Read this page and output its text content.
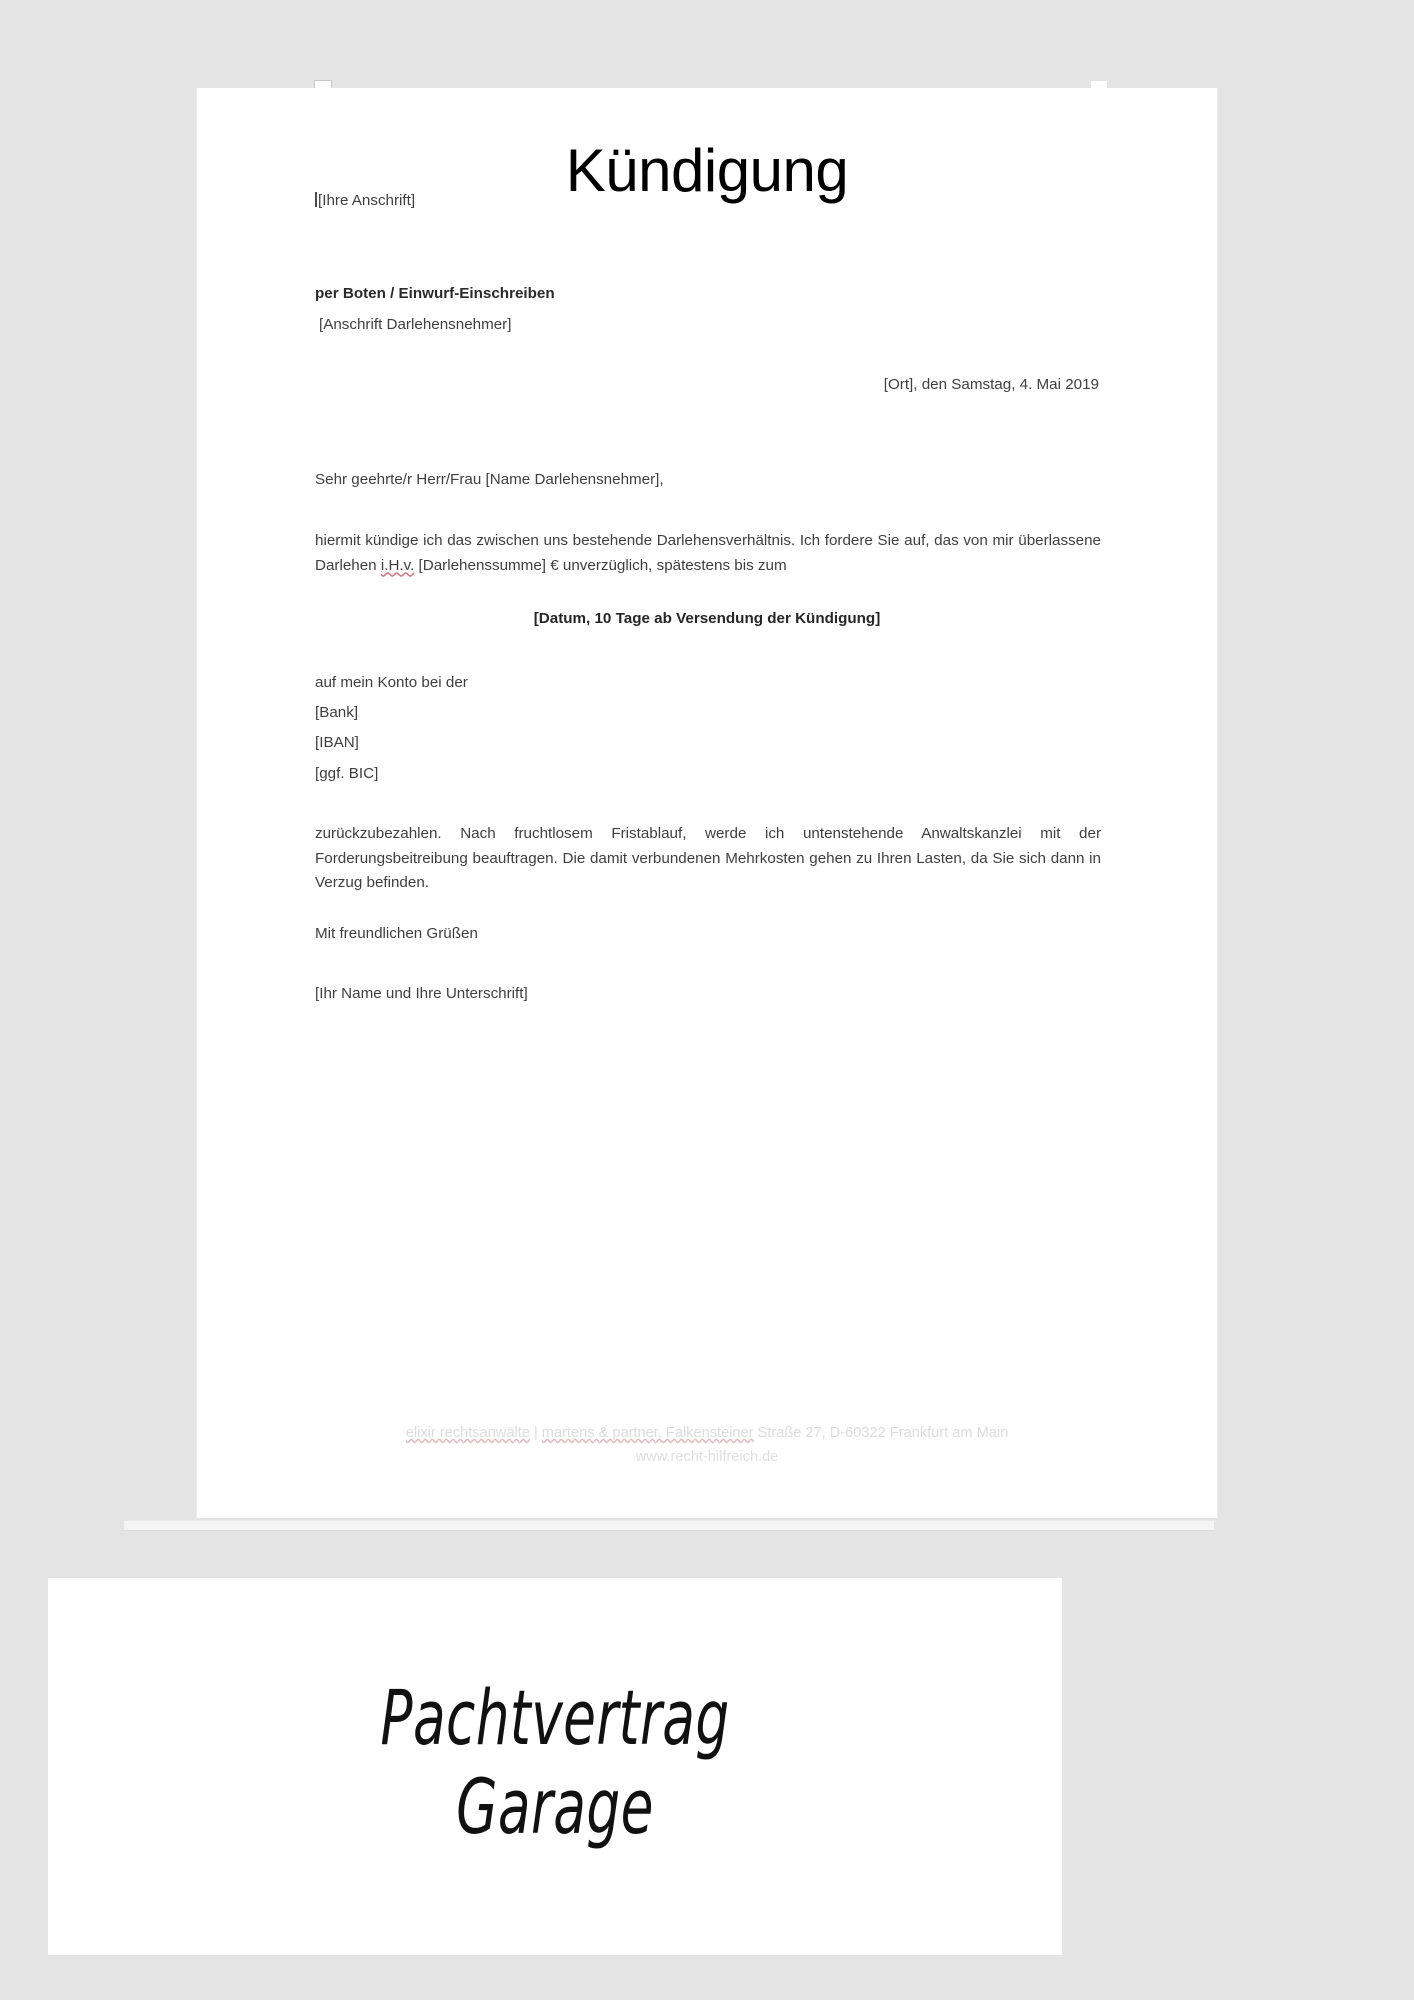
Kündigung
[Ihre Anschrift]
per Boten / Einwurf-Einschreiben
[Anschrift Darlehensnehmer]
[Ort], den Samstag, 4. Mai 2019
Sehr geehrte/r Herr/Frau [Name Darlehensnehmer],
hiermit kündige ich das zwischen uns bestehende Darlehensverhältnis. Ich fordere Sie auf, das von mir überlassene Darlehen i.H.v. [Darlehenssumme] € unverzüglich, spätestens bis zum
[Datum, 10 Tage ab Versendung der Kündigung]
auf mein Konto bei der
[Bank]
[IBAN]
[ggf. BIC]
zurückzubezahlen. Nach fruchtlosem Fristablauf, werde ich untenstehende Anwaltskanzlei mit der Forderungsbeitreibung beauftragen. Die damit verbundenen Mehrkosten gehen zu Ihren Lasten, da Sie sich dann in Verzug befinden.
Mit freundlichen Grüßen
[Ihr Name und Ihre Unterschrift]
elixir rechtsanwälte | martens & partner, Falkensteiner Straße 27, D-60322 Frankfurt am Main
www.recht-hilfreich.de
Pachtvertrag
Garage
